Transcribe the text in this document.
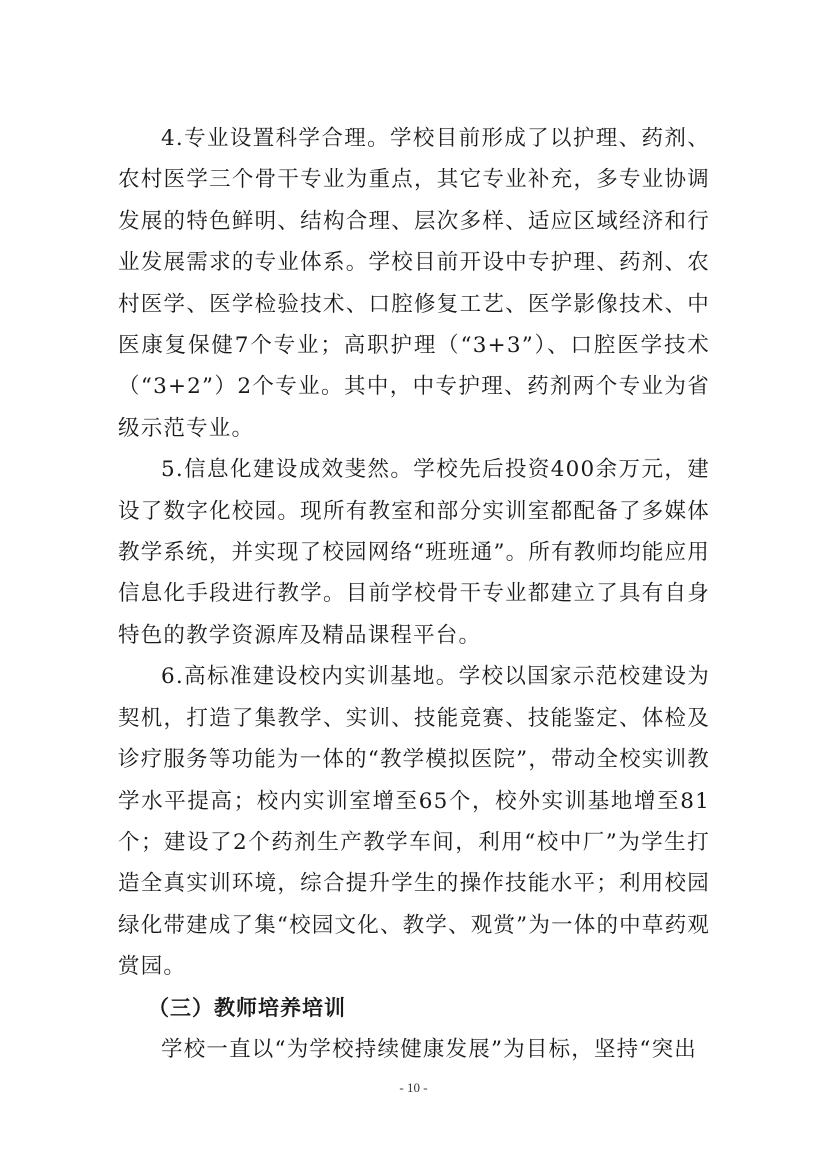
4.专业设置科学合理。学校目前形成了以护理、药剂、农村医学三个骨干专业为重点，其它专业补充，多专业协调发展的特色鲜明、结构合理、层次多样、适应区域经济和行业发展需求的专业体系。学校目前开设中专护理、药剂、农村医学、医学检验技术、口腔修复工艺、医学影像技术、中医康复保健7个专业；高职护理（“3+3”）、口腔医学技术（“3+2”）2个专业。其中，中专护理、药剂两个专业为省级示范专业。

5.信息化建设成效斐然。学校先后投资400余万元，建设了数字化校园。现所有教室和部分实训室都配备了多媒体教学系统，并实现了校园网络“班班通”。所有教师均能应用信息化手段进行教学。目前学校骨干专业都建立了具有自身特色的教学资源库及精品课程平台。

6.高标准建设校内实训基地。学校以国家示范校建设为契机，打造了集教学、实训、技能竞赛、技能鉴定、体检及诊疗服务等功能为一体的“教学模拟医院”，带动全校实训教学水平提高；校内实训室增至65个，校外实训基地增至81个；建设了2个药剂生产教学车间，利用“校中厂”为学生打造全真实训环境，综合提升学生的操作技能水平；利用校园绿化带建成了集“校园文化、教学、观赏”为一体的中草药观赏园。

（三）教师培养培训

学校一直以“为学校持续健康发展”为目标，坚持“突出

- 10 -
